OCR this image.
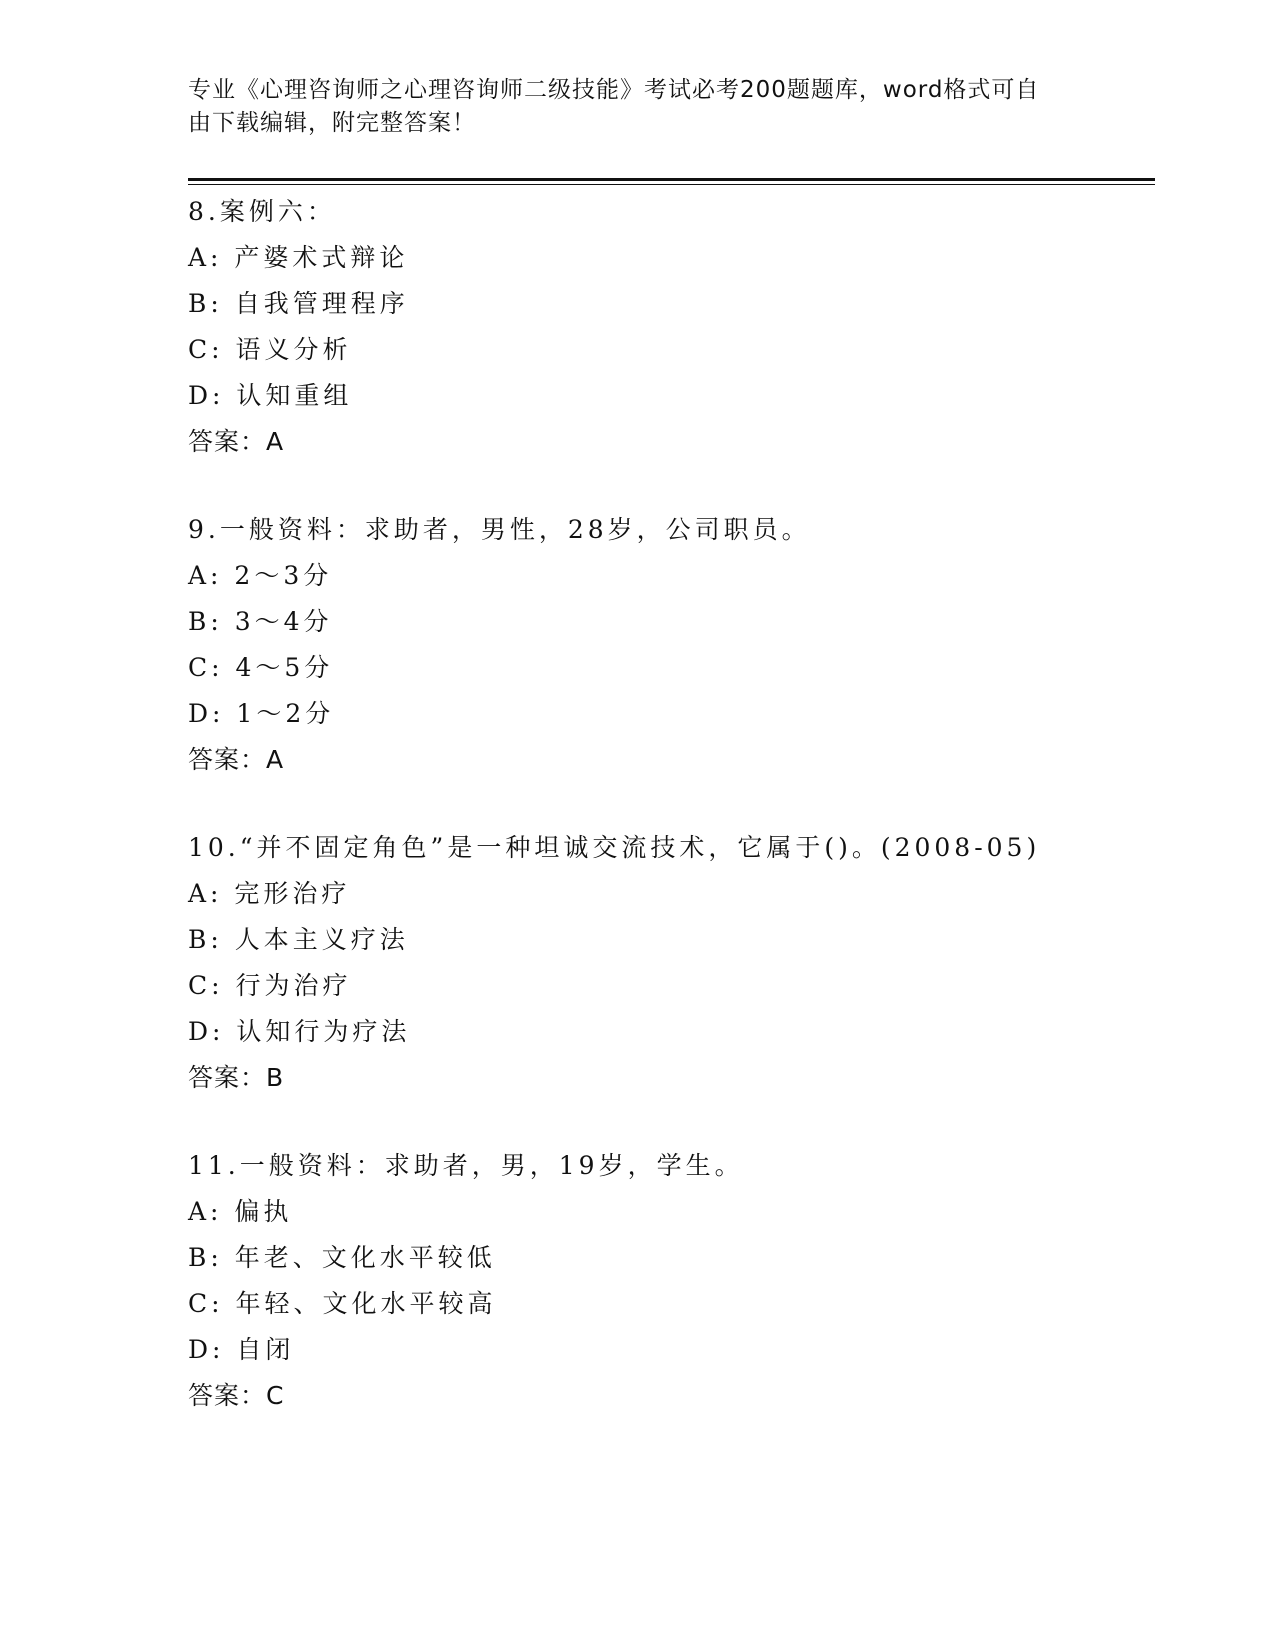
专业《心理咨询师之心理咨询师二级技能》考试必考200题题库，word格式可自
由下载编辑，附完整答案！
8.案例六：
A: 产婆术式辩论
B: 自我管理程序
C: 语义分析
D: 认知重组
答案：A
9.一般资料：求助者，男性，28岁，公司职员。
A: 2～3分
B: 3～4分
C: 4～5分
D: 1～2分
答案：A
10.“并不固定角色”是一种坦诚交流技术，它属于()。(2008-05)
A: 完形治疗
B: 人本主义疗法
C: 行为治疗
D: 认知行为疗法
答案：B
11.一般资料：求助者，男，19岁，学生。
A: 偏执
B: 年老、文化水平较低
C: 年轻、文化水平较高
D: 自闭
答案：C
